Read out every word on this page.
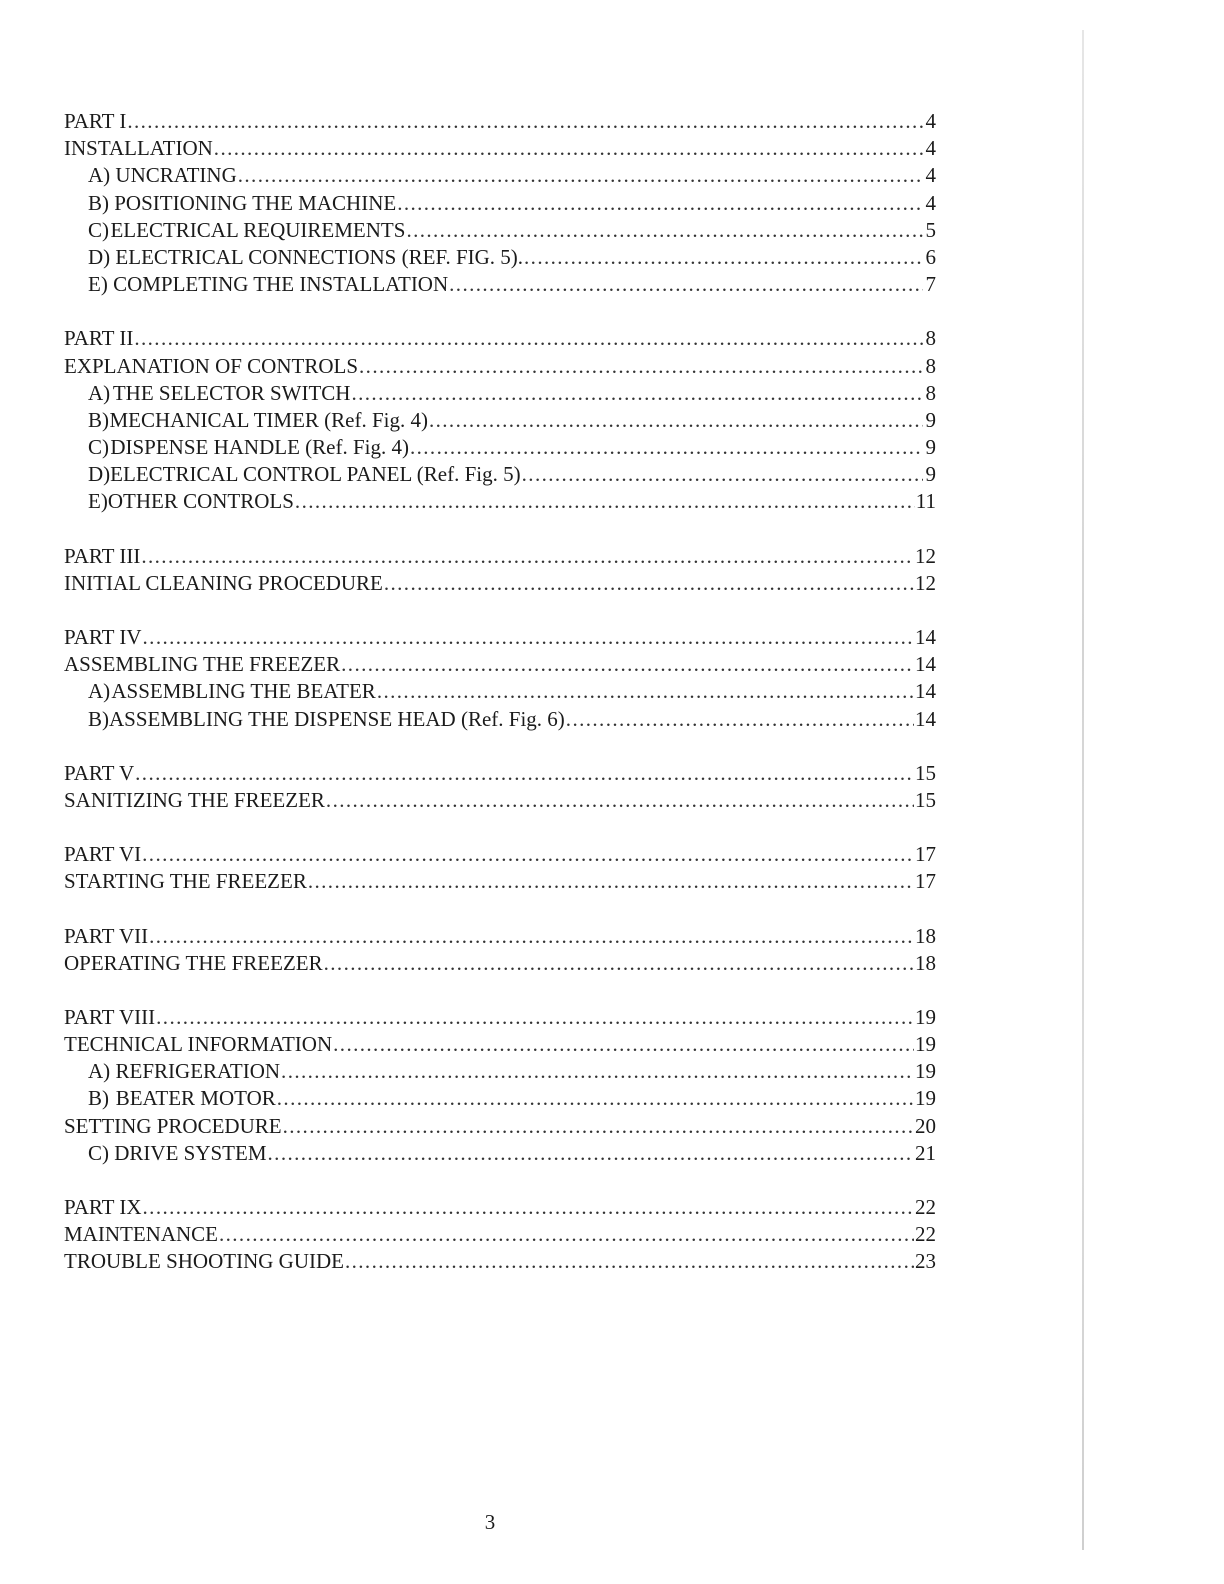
PART I .....	4
INSTALLATION .....	4
A) UNCRATING .....	4
B) POSITIONING THE MACHINE .....	4
C) ELECTRICAL REQUIREMENTS .....	5
D) ELECTRICAL CONNECTIONS (REF. FIG. 5). .....	6
E) COMPLETING THE INSTALLATION .....	7
PART II .....	8
EXPLANATION OF CONTROLS .....	8
A) THE SELECTOR SWITCH .....	8
B) MECHANICAL TIMER (Ref. Fig. 4) .....	9
C) DISPENSE HANDLE (Ref. Fig. 4) .....	9
D) ELECTRICAL CONTROL PANEL (Ref. Fig. 5) .....	9
E) OTHER CONTROLS .....	11
PART III .....	12
INITIAL CLEANING PROCEDURE .....	12
PART IV .....	14
ASSEMBLING THE FREEZER .....	14
A) ASSEMBLING THE BEATER .....	14
B) ASSEMBLING THE DISPENSE HEAD (Ref. Fig. 6) .....	14
PART V .....	15
SANITIZING THE FREEZER .....	15
PART VI .....	17
STARTING THE FREEZER .....	17
PART VII .....	18
OPERATING THE FREEZER .....	18
PART VIII .....	19
TECHNICAL INFORMATION .....	19
A) REFRIGERATION .....	19
B) BEATER MOTOR .....	19
SETTING PROCEDURE .....	20
C) DRIVE SYSTEM .....	21
PART IX .....	22
MAINTENANCE .....	22
TROUBLE SHOOTING GUIDE .....	23
3
